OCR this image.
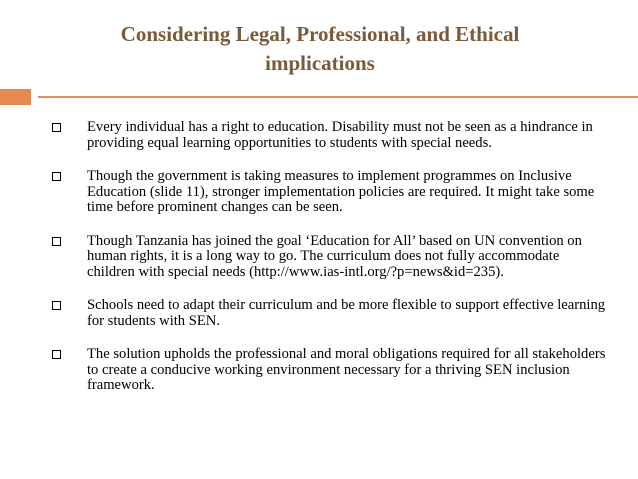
Considering Legal, Professional, and Ethical
implications
Every individual has a right to education. Disability must not be seen as a hindrance in providing equal learning opportunities to students with special needs.
Though the government is taking measures to implement programmes on Inclusive Education (slide 11), stronger implementation policies are required. It might take some time before prominent changes can be seen.
Though Tanzania has joined the goal ‘Education for All’ based on UN convention on human rights, it is a long way to go. The curriculum does not fully accommodate children with special needs (http://www.ias-intl.org/?p=news&id=235).
Schools need to adapt their curriculum and be more flexible to support effective learning for students with SEN.
The solution upholds the professional and moral obligations required for all stakeholders to create a conducive working environment necessary for a thriving SEN inclusion framework.
